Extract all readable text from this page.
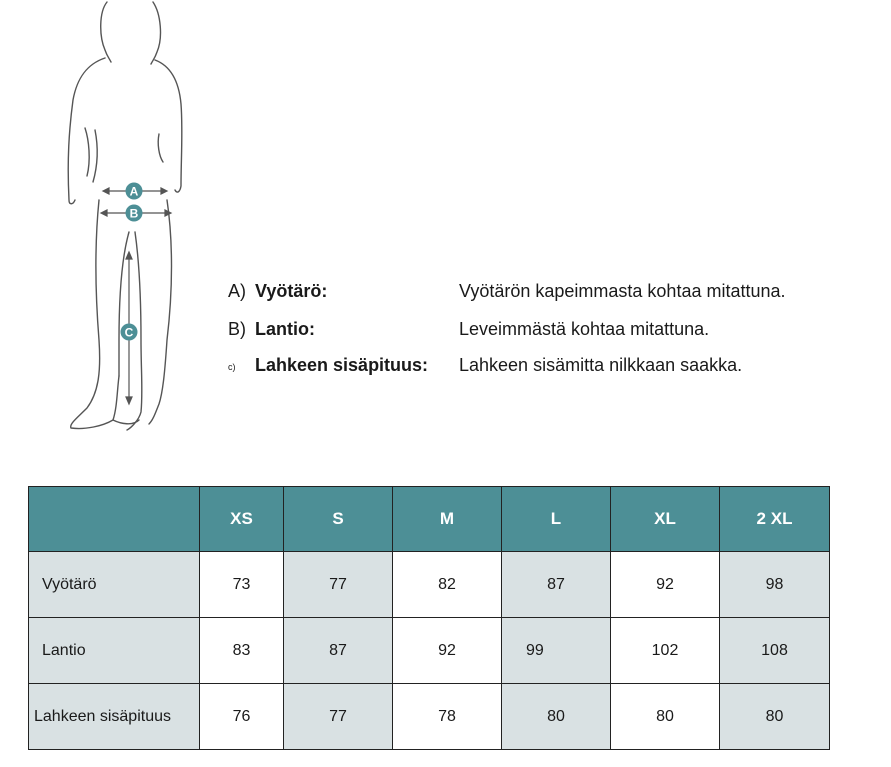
A
B
C
A) Vyötärö:	Vyötärön kapeimmasta kohtaa mitattuna.
B) Lantio:	Leveimmästä kohtaa mitattuna.
c) Lahkeen sisäpituus: Lahkeen sisämitta nilkkaan saakka.
	XS	S	M	L	XL	2 XL
Vyötärö	73	77	82	87	92	98
Lantio	83	87	92	99	102	108
Lahkeen sisäpituus	76	77	78	80	80	80
